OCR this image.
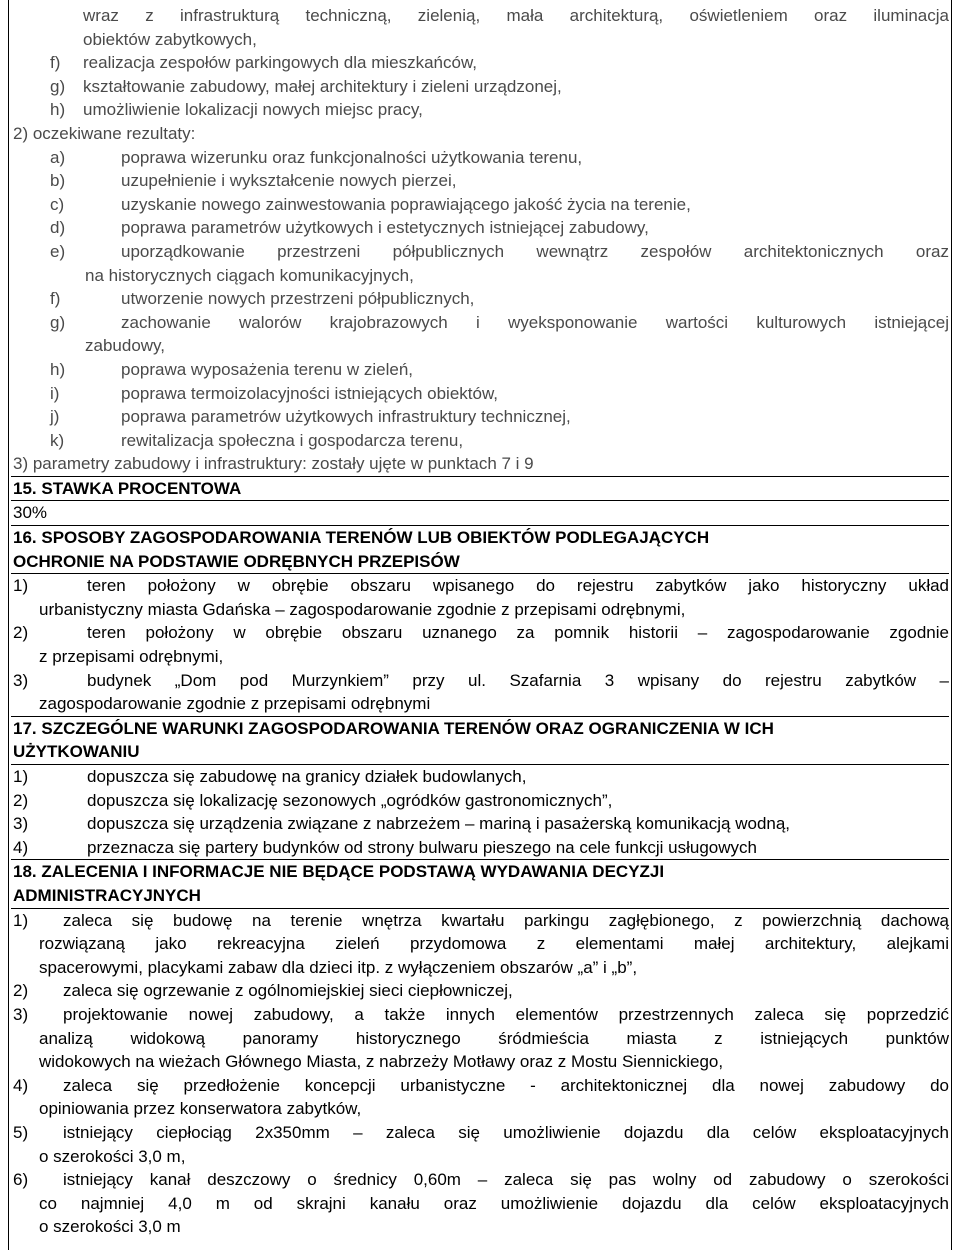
wraz z infrastrukturą techniczną, zielenią, mała architekturą, oświetleniem oraz iluminacja
obiektów zabytkowych,
f) realizacja zespołów parkingowych dla mieszkańców,
g) kształtowanie zabudowy, małej architektury i zieleni urządzonej,
h) umożliwienie lokalizacji nowych miejsc pracy,
2) oczekiwane rezultaty:
a)	poprawa wizerunku oraz funkcjonalności użytkowania terenu,
b)	uzupełnienie i wykształcenie nowych pierzei,
c)	uzyskanie nowego zainwestowania poprawiającego jakość życia na terenie,
d)	poprawa parametrów użytkowych i estetycznych istniejącej zabudowy,
e)	uporządkowanie przestrzeni półpublicznych wewnątrz zespołów architektonicznych oraz
na historycznych ciągach komunikacyjnych,
f)	utworzenie nowych przestrzeni półpublicznych,
g)	zachowanie walorów krajobrazowych i wyeksponowanie wartości kulturowych istniejącej
zabudowy,
h)	poprawa wyposażenia terenu w zieleń,
i)	poprawa termoizolacyjności istniejących obiektów,
j)	poprawa parametrów użytkowych infrastruktury technicznej,
k)	rewitalizacja społeczna i gospodarcza terenu,
3) parametry zabudowy i infrastruktury: zostały ujęte w punktach 7 i 9
15. STAWKA PROCENTOWA
30%
16. SPOSOBY ZAGOSPODAROWANIA TERENÓW LUB OBIEKTÓW PODLEGAJĄCYCH
OCHRONIE NA PODSTAWIE ODRĘBNYCH PRZEPISÓW
1)	teren położony w obrębie obszaru wpisanego do rejestru zabytków jako historyczny układ
urbanistyczny miasta Gdańska – zagospodarowanie zgodnie z przepisami odrębnymi,
2)	teren położony w obrębie obszaru uznanego za pomnik historii – zagospodarowanie zgodnie
z przepisami odrębnymi,
3)	budynek „Dom pod Murzynkiem” przy ul. Szafarnia 3 wpisany do rejestru zabytków –
zagospodarowanie zgodnie z przepisami odrębnymi
17. SZCZEGÓLNE WARUNKI ZAGOSPODAROWANIA TERENÓW ORAZ OGRANICZENIA W ICH
UŻYTKOWANIU
1)	dopuszcza się zabudowę na granicy działek budowlanych,
2)	dopuszcza się lokalizację sezonowych „ogródków gastronomicznych”,
3)	dopuszcza się urządzenia związane z nabrzeżem – mariną i pasażerską komunikacją wodną,
4)	przeznacza się partery budynków od strony bulwaru pieszego na cele funkcji usługowych
18. ZALECENIA I INFORMACJE NIE BĘDĄCE PODSTAWĄ WYDAWANIA DECYZJI
ADMINISTRACYJNYCH
1)	zaleca się budowę na terenie wnętrza kwartału parkingu zagłębionego, z powierzchnią dachową
rozwiązaną jako rekreacyjna zieleń przydomowa z elementami małej architektury, alejkami
spacerowymi, placykami zabaw dla dzieci itp. z wyłączeniem obszarów „a” i „b”,
2)	zaleca się ogrzewanie z ogólnomiejskiej sieci ciepłowniczej,
3)	projektowanie nowej zabudowy, a także innych elementów przestrzennych zaleca się poprzedzić
analizą widokową panoramy historycznego śródmieścia miasta z istniejących punktów
widokowych na wieżach Głównego Miasta, z nabrzeży Motławy oraz z Mostu Siennickiego,
4)	zaleca się przedłożenie koncepcji urbanistyczne - architektonicznej dla nowej zabudowy do
opiniowania przez konserwatora zabytków,
5)	istniejący ciepłociąg 2x350mm – zaleca się umożliwienie dojazdu dla celów eksploatacyjnych
o szerokości 3,0 m,
6)	istniejący kanał deszczowy o średnicy 0,60m – zaleca się pas wolny od zabudowy o szerokości
co najmniej 4,0 m od skrajni kanału oraz umożliwienie dojazdu dla celów eksploatacyjnych
o szerokości 3,0 m
